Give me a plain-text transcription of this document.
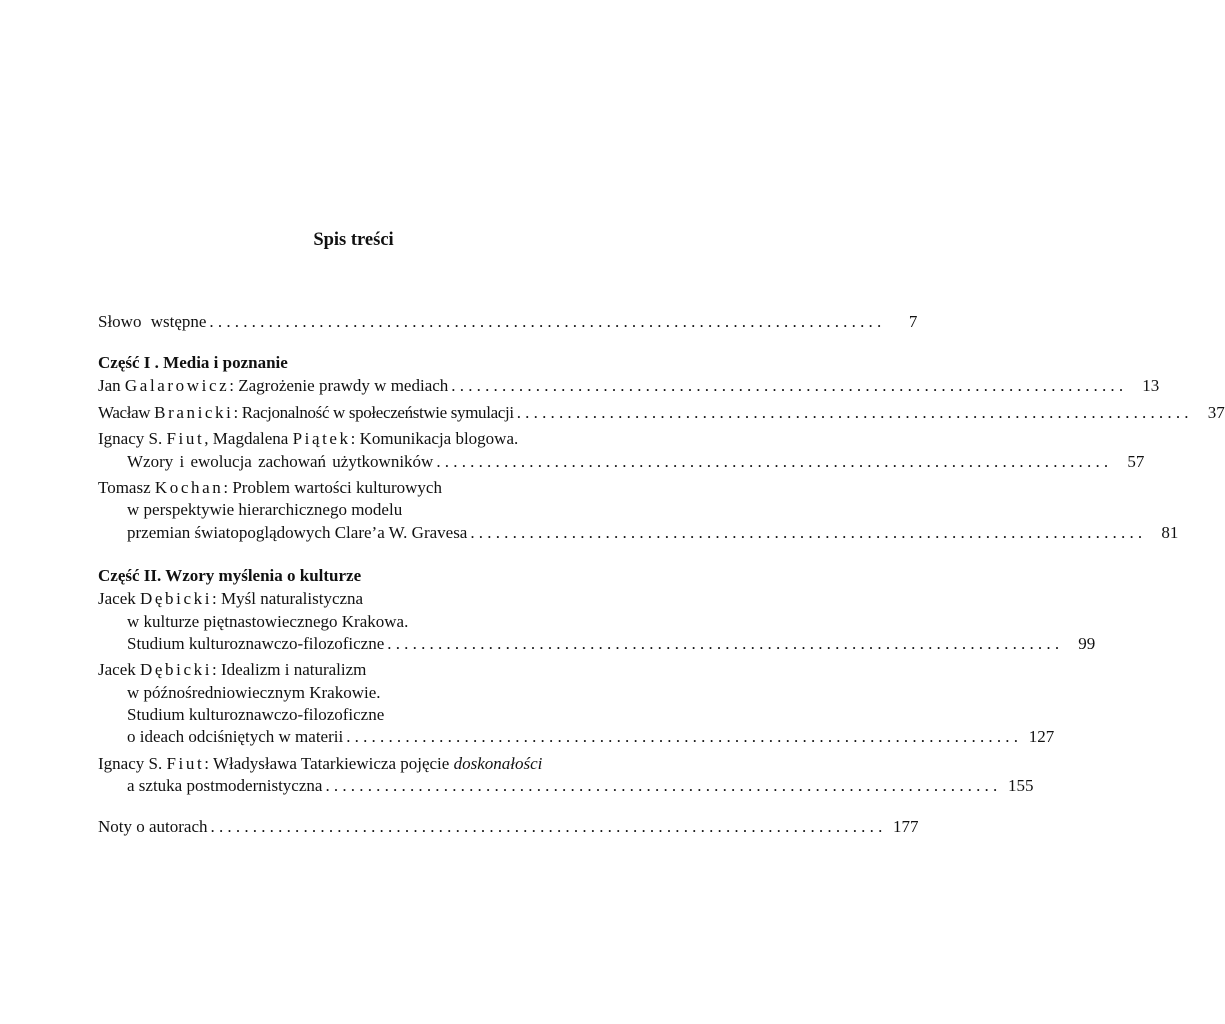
Spis treści
Słowo wstępne ................................................................................	7
Część I . Media i poznanie
Jan Galarowicz: Zagrożenie prawdy w mediach ................................................................................ 13
Wacław Branicki: Racjonalność w społeczeństwie symulacji ................................................................................ 37
Ignacy S. Fiut, Magdalena Piątek: Komunikacja blogowa.
Wzory i ewolucja zachowań użytkowników ................................................................................ 57
Tomasz Kochan: Problem wartości kulturowych
w perspektywie hierarchicznego modelu
przemian światopoglądowych Clare’a W. Gravesa ................................................................................ 81
Część II. Wzory myślenia o kulturze
Jacek Dębicki: Myśl naturalistyczna
w kulturze piętnastowiecznego Krakowa.
Studium kulturoznawczo-filozoficzne ................................................................................ 99
Jacek Dębicki: Idealizm i naturalizm
w późnośredniowiecznym Krakowie.
Studium kulturoznawczo-filozoficzne
o ideach odciśniętych w materii ................................................................................ 127
Ignacy S. Fiut: Władysława Tatarkiewicza pojęcie doskonałości
a sztuka postmodernistyczna ................................................................................ 155
Noty o autorach ................................................................................ 177
